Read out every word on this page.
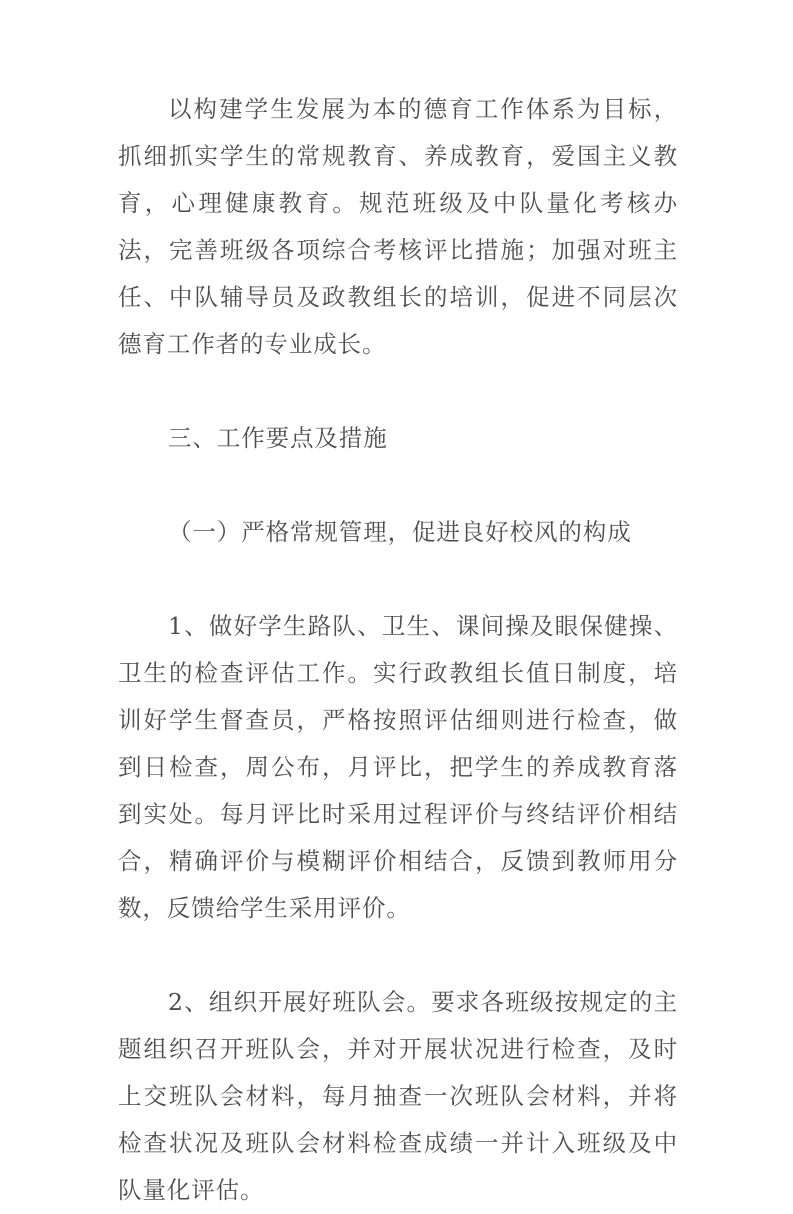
以构建学生发展为本的德育工作体系为目标，抓细抓实学生的常规教育、养成教育，爱国主义教育，心理健康教育。规范班级及中队量化考核办法，完善班级各项综合考核评比措施；加强对班主任、中队辅导员及政教组长的培训，促进不同层次德育工作者的专业成长。

三、工作要点及措施

（一）严格常规管理，促进良好校风的构成

1、做好学生路队、卫生、课间操及眼保健操、卫生的检查评估工作。实行政教组长值日制度，培训好学生督查员，严格按照评估细则进行检查，做到日检查，周公布，月评比，把学生的养成教育落到实处。每月评比时采用过程评价与终结评价相结合，精确评价与模糊评价相结合，反馈到教师用分数，反馈给学生采用评价。

2、组织开展好班队会。要求各班级按规定的主题组织召开班队会，并对开展状况进行检查，及时上交班队会材料，每月抽查一次班队会材料，并将检查状况及班队会材料检查成绩一并计入班级及中队量化评估。
